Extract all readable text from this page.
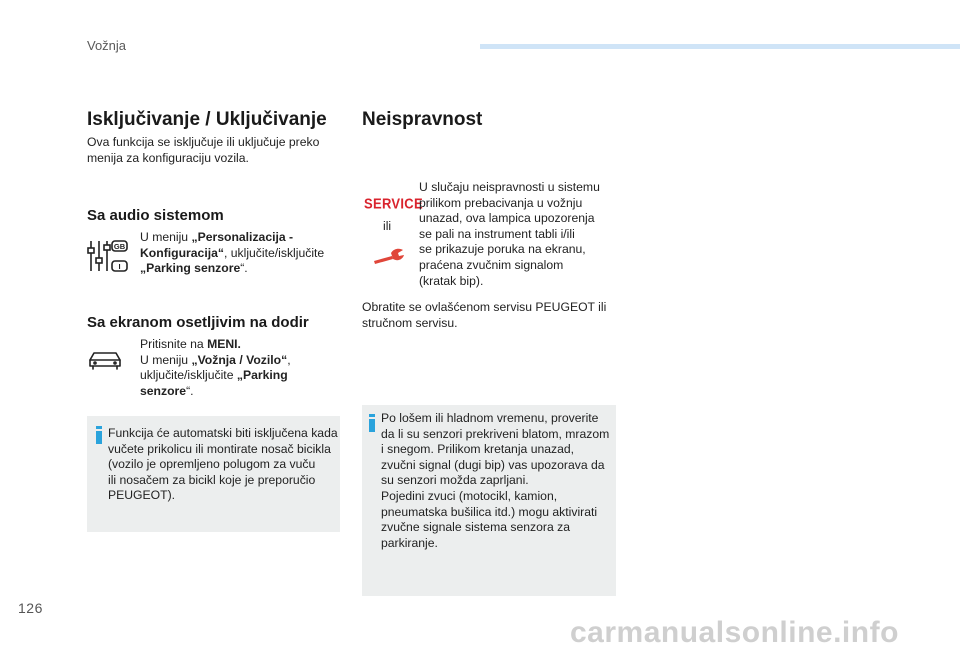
Vožnja
Isključivanje / Uključivanje
Ova funkcija se isključuje ili uključuje preko
menija za konfiguraciju vozila.
Sa audio sistemom
GB
I
U meniju „Personalizacija -
Konfiguracija“, uključite/isključite
„Parking senzore“.
Sa ekranom osetljivim na dodir
Pritisnite na MENI.
U meniju „Vožnja / Vozilo“,
uključite/isključite „Parking
senzore“.
Funkcija će automatski biti isključena kada
vučete prikolicu ili montirate nosač bicikla
(vozilo je opremljeno polugom za vuču
ili nosačem za bicikl koje je preporučio
PEUGEOT).
Neispravnost
SERVICE
ili
U slučaju neispravnosti u sistemu
prilikom prebacivanja u vožnju
unazad, ova lampica upozorenja
se pali na instrument tabli i/ili
se prikazuje poruka na ekranu,
praćena zvučnim signalom
(kratak bip).
Obratite se ovlašćenom servisu PEUGEOT ili
stručnom servisu.
Po lošem ili hladnom vremenu, proverite
da li su senzori prekriveni blatom, mrazom
i snegom. Prilikom kretanja unazad,
zvučni signal (dugi bip) vas upozorava da
su senzori možda zaprljani.
Pojedini zvuci (motocikl, kamion,
pneumatska bušilica itd.) mogu aktivirati
zvučne signale sistema senzora za
parkiranje.
126
carmanualsonline.info
